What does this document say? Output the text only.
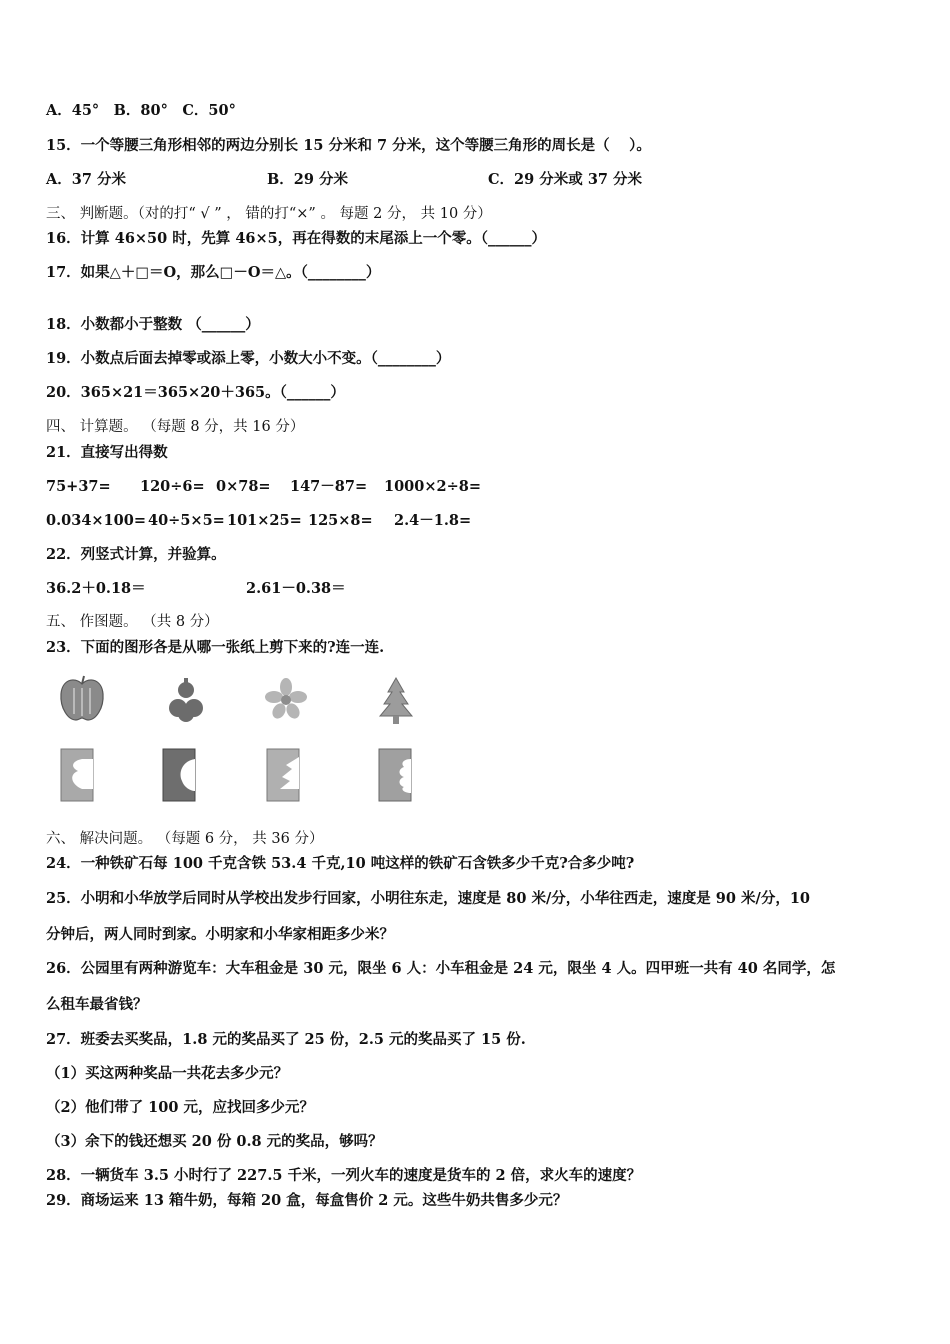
A．45°　B．80°　C．50°
15．一个等腰三角形相邻的两边分别长 15 分米和 7 分米，这个等腰三角形的周长是（　 ）。
A．37 分米	B．29 分米	C．29 分米或 37 分米
三、 判断题。（对的打“ √ ” ， 错的打“×” 。 每题 2 分， 共 10 分）
16．计算 46×50 时，先算 46×5，再在得数的末尾添上一个零。（______）
17．如果△＋□＝O，那么□－O＝△。（________）
18．小数都小于整数 （______）
19．小数点后面去掉零或添上零，小数大小不变。（________）
20．365×21＝365×20＋365。（______）
四、 计算题。 （每题 8 分，共 16 分）
21．直接写出得数
75+37= 120÷6= 0×78= 147－87= 1000×2÷8=
0.034×100= 40÷5×5= 101×25= 125×8= 2.4－1.8=
22．列竖式计算，并验算。
36.2＋0.18＝	2.61－0.38＝
五、 作图题。 （共 8 分）
23．下面的图形各是从哪一张纸上剪下来的?连一连.
六、 解决问题。 （每题 6 分， 共 36 分）
24．一种铁矿石每 100 千克含铁 53.4 千克,10 吨这样的铁矿石含铁多少千克?合多少吨?
25．小明和小华放学后同时从学校出发步行回家，小明往东走，速度是 80 米/分，小华往西走，速度是 90 米/分，10
分钟后，两人同时到家。小明家和小华家相距多少米？
26．公园里有两种游览车：大车租金是 30 元，限坐 6 人：小车租金是 24 元，限坐 4 人。四甲班一共有 40 名同学，怎
么租车最省钱？
27．班委去买奖品，1.8 元的奖品买了 25 份，2.5 元的奖品买了 15 份.
（1）买这两种奖品一共花去多少元？
（2）他们带了 100 元，应找回多少元？
（3）余下的钱还想买 20 份 0.8 元的奖品，够吗？
28．一辆货车 3.5 小时行了 227.5 千米，一列火车的速度是货车的 2 倍，求火车的速度？
29．商场运来 13 箱牛奶，每箱 20 盒，每盒售价 2 元。这些牛奶共售多少元？
